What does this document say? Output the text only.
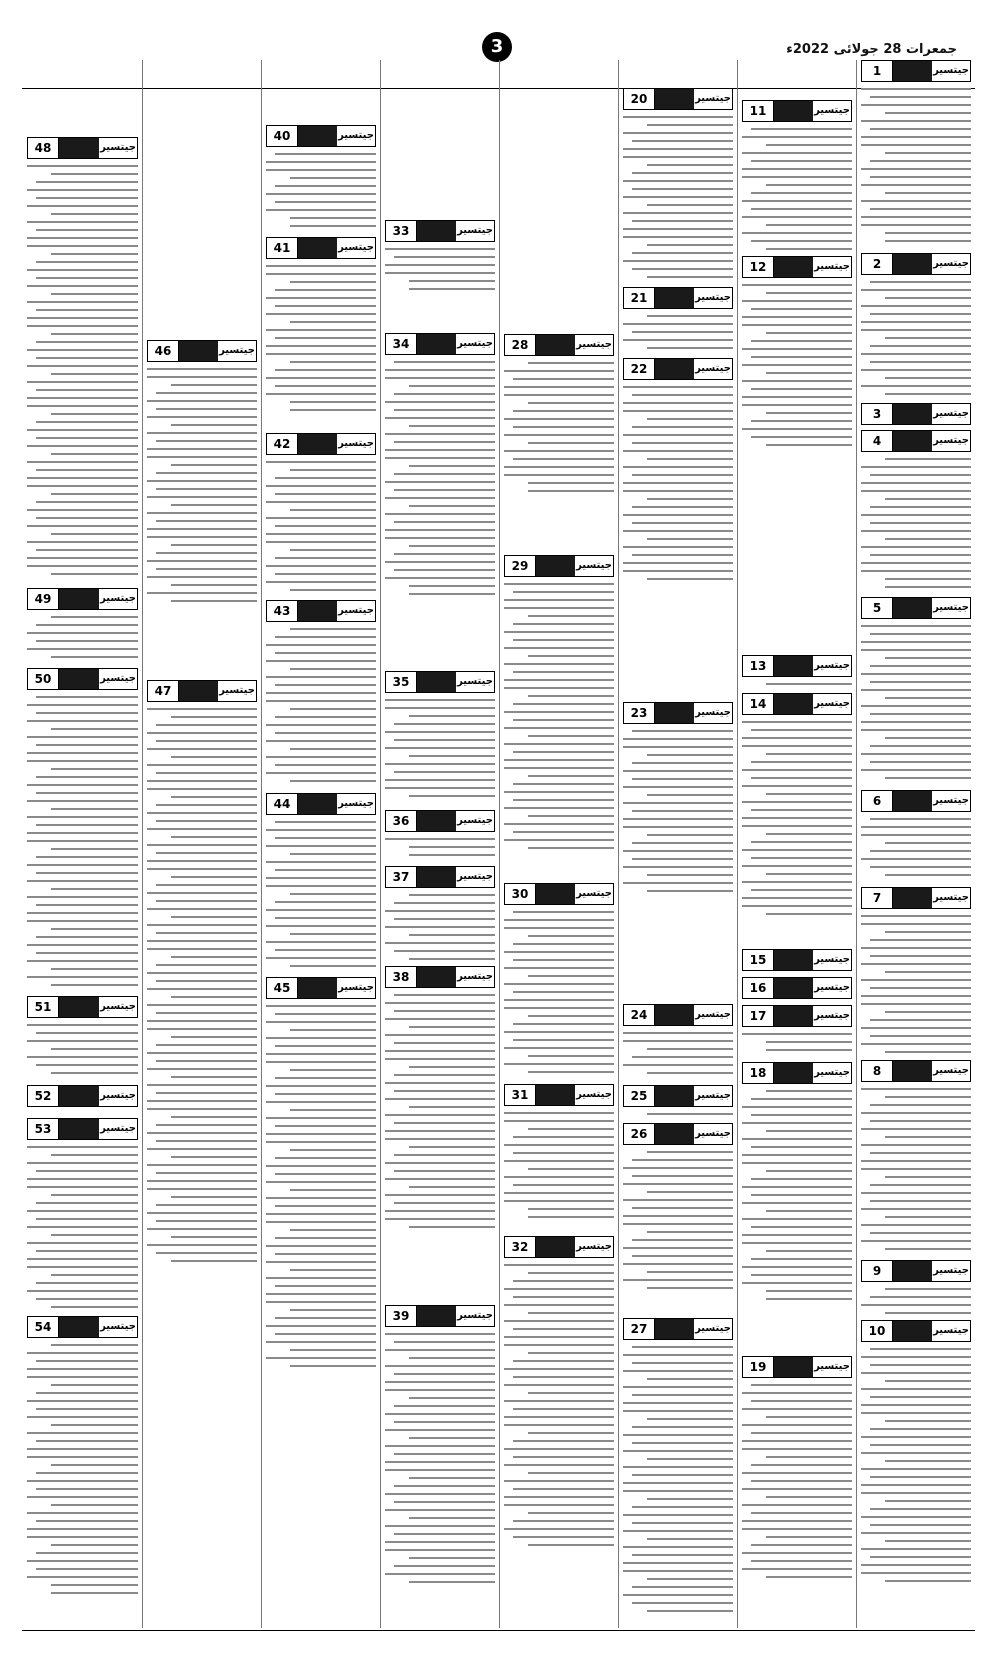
3	جمعرات 28 جولائی 2022ء
1	جیتسیر
2	جیتسیر
3	جیتسیر
4	جیتسیر
5	جیتسیر
6	جیتسیر
7	جیتسیر
8	جیتسیر
9	جیتسیر
10	جیتسیر
11	جیتسیر
12	جیتسیر
13	جیتسیر
14	جیتسیر
15	جیتسیر
16	جیتسیر
17	جیتسیر
18	جیتسیر
19	جیتسیر
20	جیتسیر
21	جیتسیر
22	جیتسیر
23	جیتسیر
24	جیتسیر
25	جیتسیر
26	جیتسیر
27	جیتسیر
28	جیتسیر
29	جیتسیر
30	جیتسیر
31	جیتسیر
32	جیتسیر
33	جیتسیر
34	جیتسیر
35	جیتسیر
36	جیتسیر
37	جیتسیر
38	جیتسیر
39	جیتسیر
40	جیتسیر
41	جیتسیر
42	جیتسیر
43	جیتسیر
44	جیتسیر
45	جیتسیر
46	جیتسیر
47	جیتسیر
48	جیتسیر
49	جیتسیر
50	جیتسیر
51	جیتسیر
52	جیتسیر
53	جیتسیر
54	جیتسیر
